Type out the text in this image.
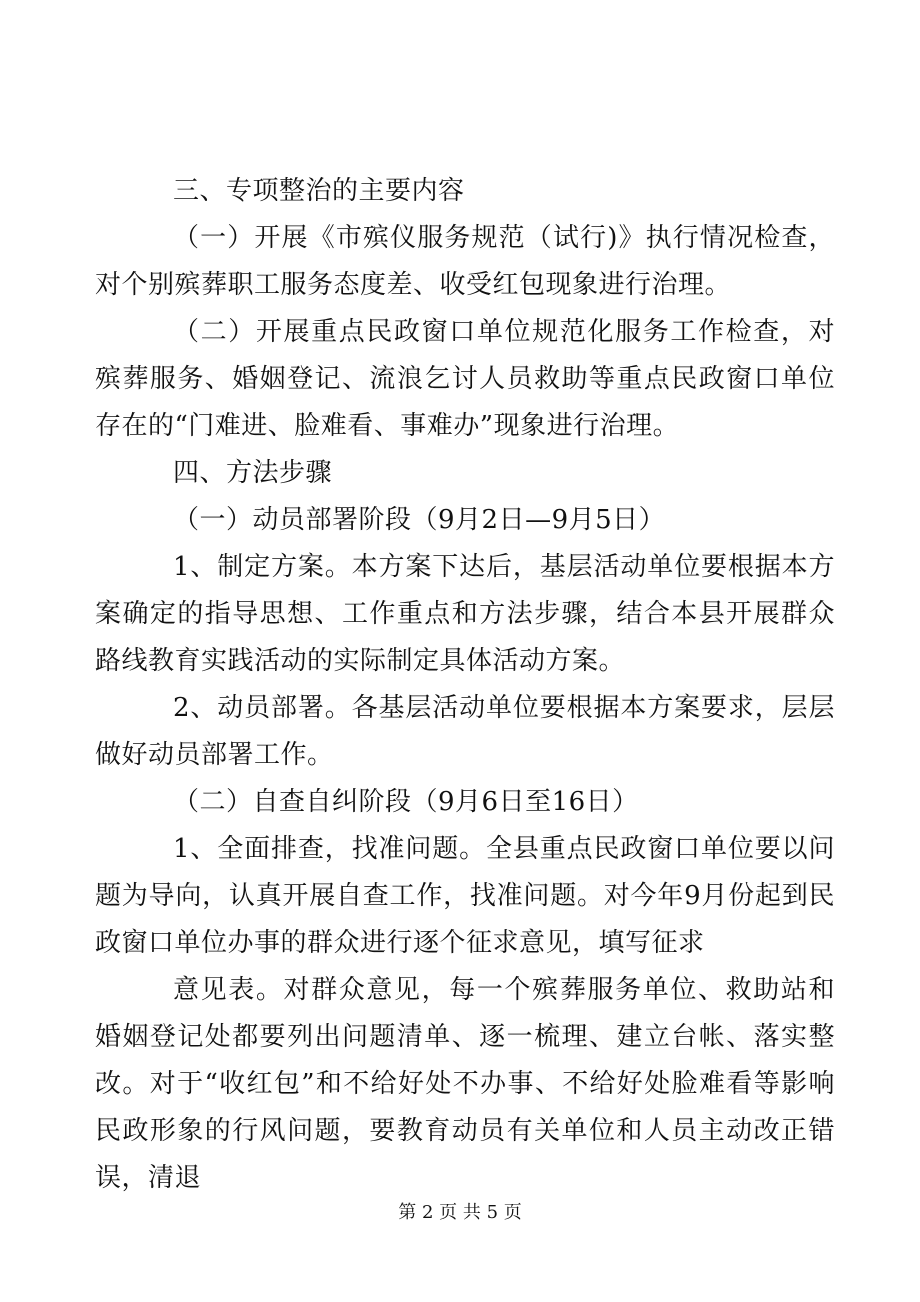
三、专项整治的主要内容

（一）开展《市殡仪服务规范（试行)》执行情况检查，对个别殡葬职工服务态度差、收受红包现象进行治理。

（二）开展重点民政窗口单位规范化服务工作检查，对殡葬服务、婚姻登记、流浪乞讨人员救助等重点民政窗口单位存在的“门难进、脸难看、事难办”现象进行治理。

四、方法步骤

（一）动员部署阶段（9月2日—9月5日）

1、制定方案。本方案下达后，基层活动单位要根据本方案确定的指导思想、工作重点和方法步骤，结合本县开展群众路线教育实践活动的实际制定具体活动方案。

2、动员部署。各基层活动单位要根据本方案要求，层层做好动员部署工作。

（二）自查自纠阶段（9月6日至16日）

1、全面排查，找准问题。全县重点民政窗口单位要以问题为导向，认真开展自查工作，找准问题。对今年9月份起到民政窗口单位办事的群众进行逐个征求意见，填写征求

意见表。对群众意见，每一个殡葬服务单位、救助站和婚姻登记处都要列出问题清单、逐一梳理、建立台帐、落实整改。对于“收红包”和不给好处不办事、不给好处脸难看等影响民政形象的行风问题，要教育动员有关单位和人员主动改正错误，清退

第 2 页 共 5 页
